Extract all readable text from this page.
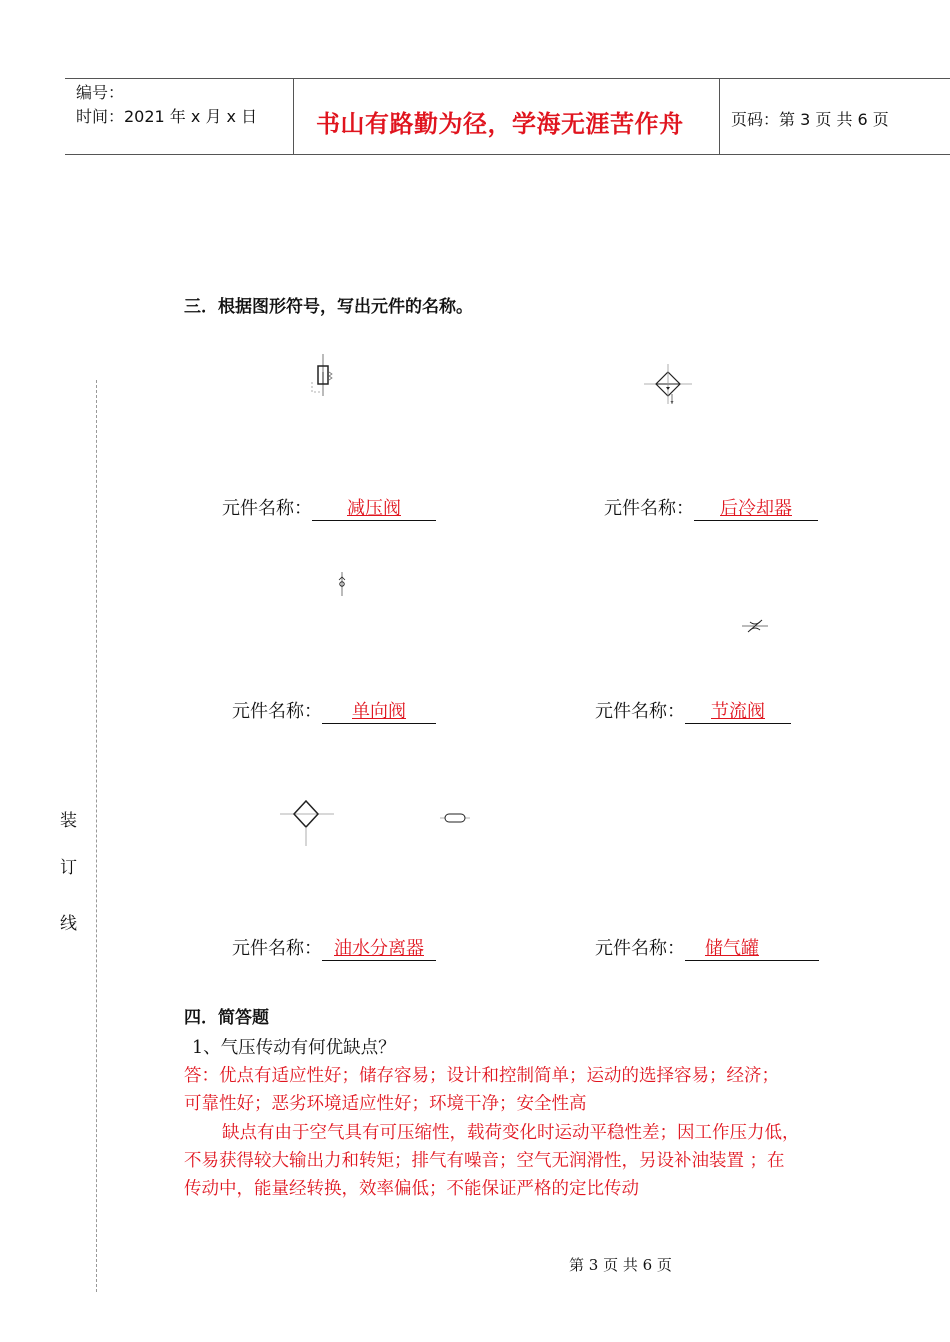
编号：
时间：2021 年 x 月 x 日 书山有路勤为径，学海无涯苦作舟	页码：第 3 页 共 6 页
三．根据图形符号，写出元件的名称。
元件名称： 减压阀	元件名称： 后冷却器
元件名称： 单向阀	元件名称： 节流阀
元件名称： 油水分离器	元件名称： 储气罐
装
订
线
四．简答题
1、气压传动有何优缺点？
答：优点有适应性好；储存容易；设计和控制简单；运动的选择容易；经济；
可靠性好；恶劣环境适应性好；环境干净；安全性高
缺点有由于空气具有可压缩性，载荷变化时运动平稳性差；因工作压力低，
不易获得较大输出力和转矩；排气有噪音；空气无润滑性，另设补油装置 ；在
传动中，能量经转换，效率偏低；不能保证严格的定比传动
第 3 页 共 6 页
